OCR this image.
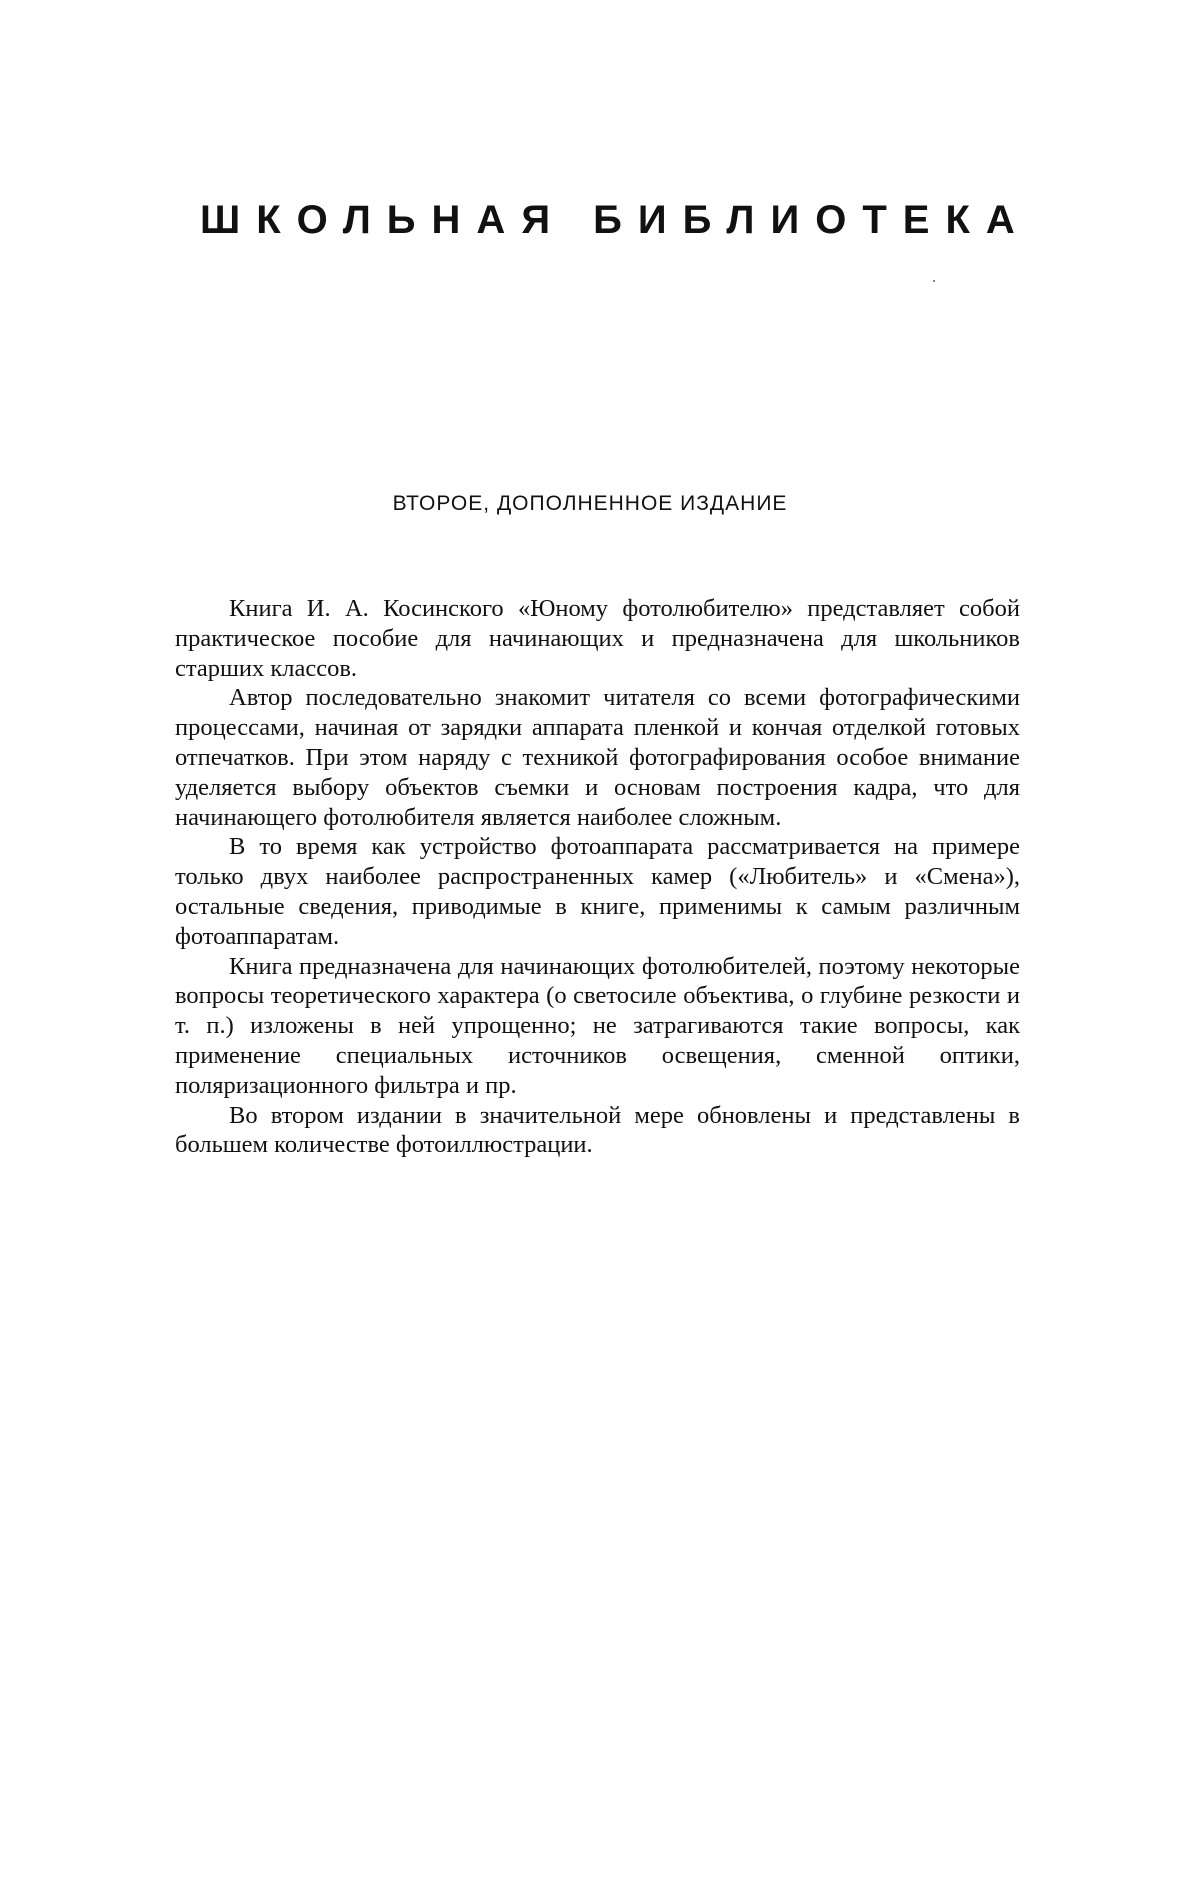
ШКОЛЬНАЯ БИБЛИОТЕКА
ВТОРОЕ, ДОПОЛНЕННОЕ ИЗДАНИЕ

Книга И. А. Косинского «Юному фотолюбителю» представляет собой практическое пособие для начинающих и предназначена для школьников старших классов.

Автор последовательно знакомит читателя со всеми фотографическими процессами, начиная от зарядки аппарата пленкой и кончая отделкой готовых отпечатков. При этом наряду с техникой фотографирования особое внимание уделяется выбору объектов съемки и основам построения кадра, что для начинающего фотолюбителя является наиболее сложным.

В то время как устройство фотоаппарата рассматривается на примере только двух наиболее распространенных камер («Любитель» и «Смена»), остальные сведения, приводимые в книге, применимы к самым различным фотоаппаратам.

Книга предназначена для начинающих фотолюбителей, поэтому некоторые вопросы теоретического характера (о светосиле объектива, о глубине резкости и т. п.) изложены в ней упрощенно; не затрагиваются такие вопросы, как применение специальных источников освещения, сменной оптики, поляризационного фильтра и пр.

Во втором издании в значительной мере обновлены и представлены в большем количестве фотоиллюстрации.
